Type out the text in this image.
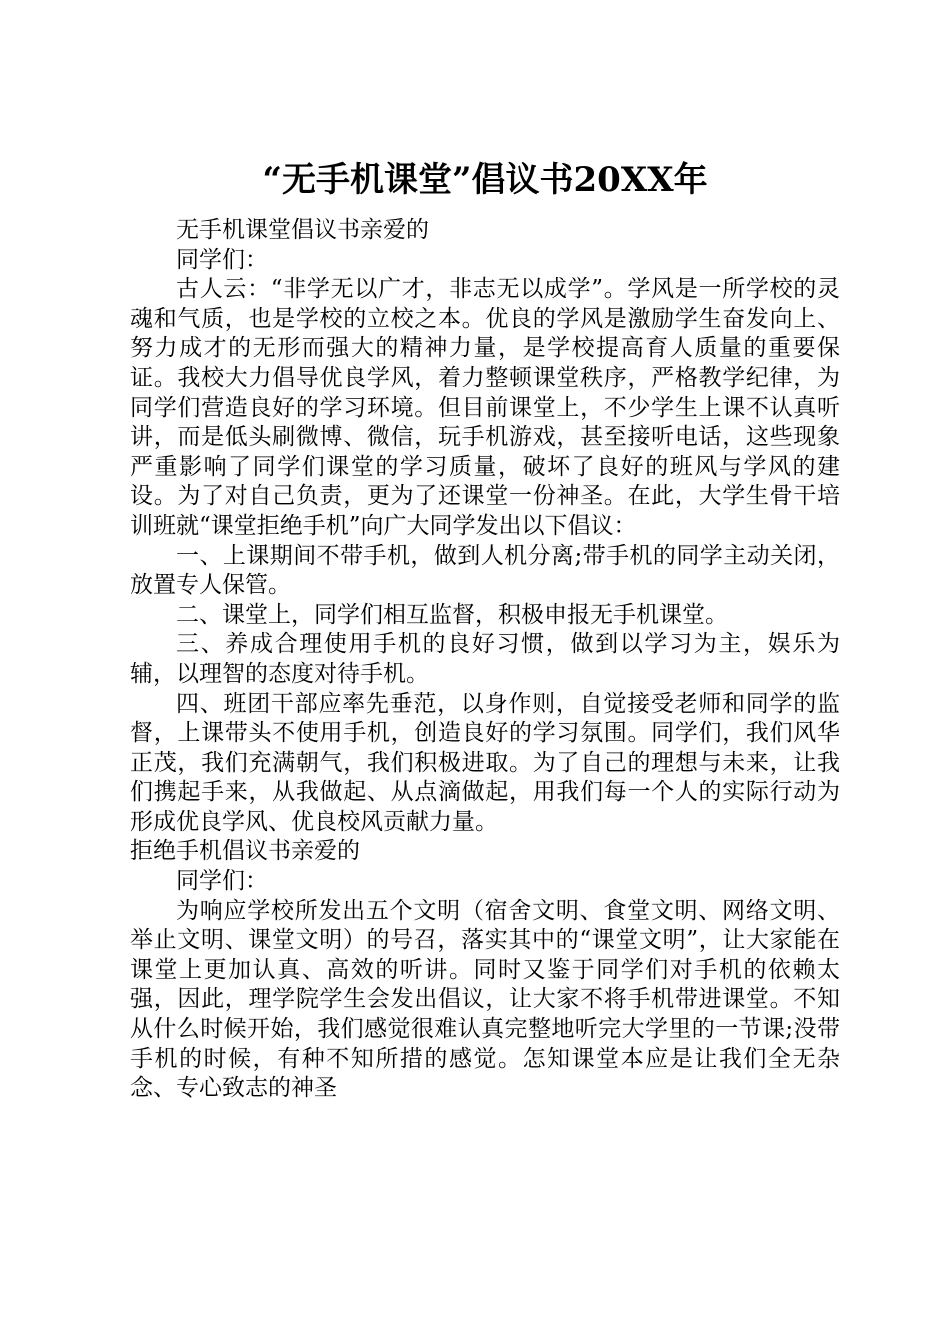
“无手机课堂”倡议书20XX年

无手机课堂倡议书亲爱的

同学们：

古人云：“非学无以广才，非志无以成学”。学风是一所学校的灵魂和气质，也是学校的立校之本。优良的学风是激励学生奋发向上、努力成才的无形而强大的精神力量，是学校提高育人质量的重要保证。我校大力倡导优良学风，着力整顿课堂秩序，严格教学纪律，为同学们营造良好的学习环境。但目前课堂上，不少学生上课不认真听讲，而是低头刷微博、微信，玩手机游戏，甚至接听电话，这些现象严重影响了同学们课堂的学习质量，破坏了良好的班风与学风的建设。为了对自己负责，更为了还课堂一份神圣。在此，大学生骨干培训班就“课堂拒绝手机”向广大同学发出以下倡议：

一、上课期间不带手机，做到人机分离;带手机的同学主动关闭，放置专人保管。

二、课堂上，同学们相互监督，积极申报无手机课堂。

三、养成合理使用手机的良好习惯，做到以学习为主，娱乐为辅，以理智的态度对待手机。

四、班团干部应率先垂范，以身作则，自觉接受老师和同学的监督，上课带头不使用手机，创造良好的学习氛围。同学们，我们风华正茂，我们充满朝气，我们积极进取。为了自己的理想与未来，让我们携起手来，从我做起、从点滴做起，用我们每一个人的实际行动为形成优良学风、优良校风贡献力量。

拒绝手机倡议书亲爱的

同学们：

为响应学校所发出五个文明（宿舍文明、食堂文明、网络文明、举止文明、课堂文明）的号召，落实其中的“课堂文明”，让大家能在课堂上更加认真、高效的听讲。同时又鉴于同学们对手机的依赖太强，因此，理学院学生会发出倡议，让大家不将手机带进课堂。不知从什么时候开始，我们感觉很难认真完整地听完大学里的一节课;没带手机的时候，有种不知所措的感觉。怎知课堂本应是让我们全无杂念、专心致志的神圣
